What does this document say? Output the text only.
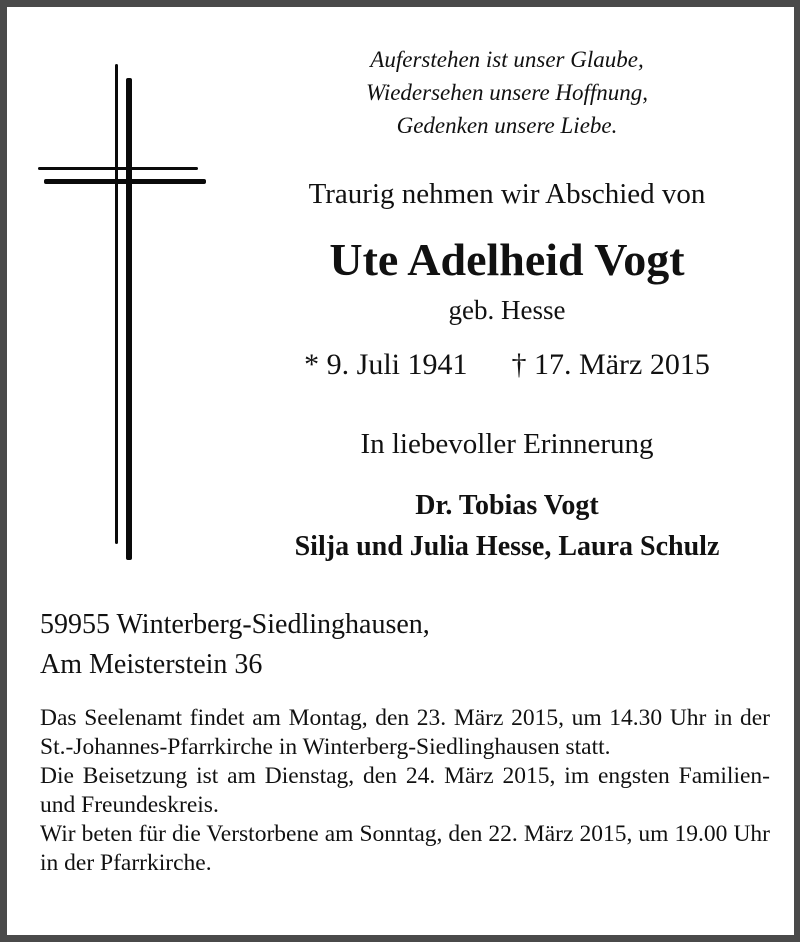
Auferstehen ist unser Glaube,
Wiedersehen unsere Hoffnung,
Gedenken unsere Liebe.
Traurig nehmen wir Abschied von
Ute Adelheid Vogt
geb. Hesse
* 9. Juli 1941 † 17. März 2015
In liebevoller Erinnerung
Dr. Tobias Vogt
Silja und Julia Hesse, Laura Schulz
59955 Winterberg-Siedlinghausen,
Am Meisterstein 36

Das Seelenamt findet am Montag, den 23. März 2015, um 14.30 Uhr in der St.-Johannes-Pfarrkirche in Winterberg-Siedlinghausen statt.

Die Beisetzung ist am Dienstag, den 24. März 2015, im engsten Familien- und Freundeskreis.

Wir beten für die Verstorbene am Sonntag, den 22. März 2015, um 19.00 Uhr in der Pfarrkirche.
